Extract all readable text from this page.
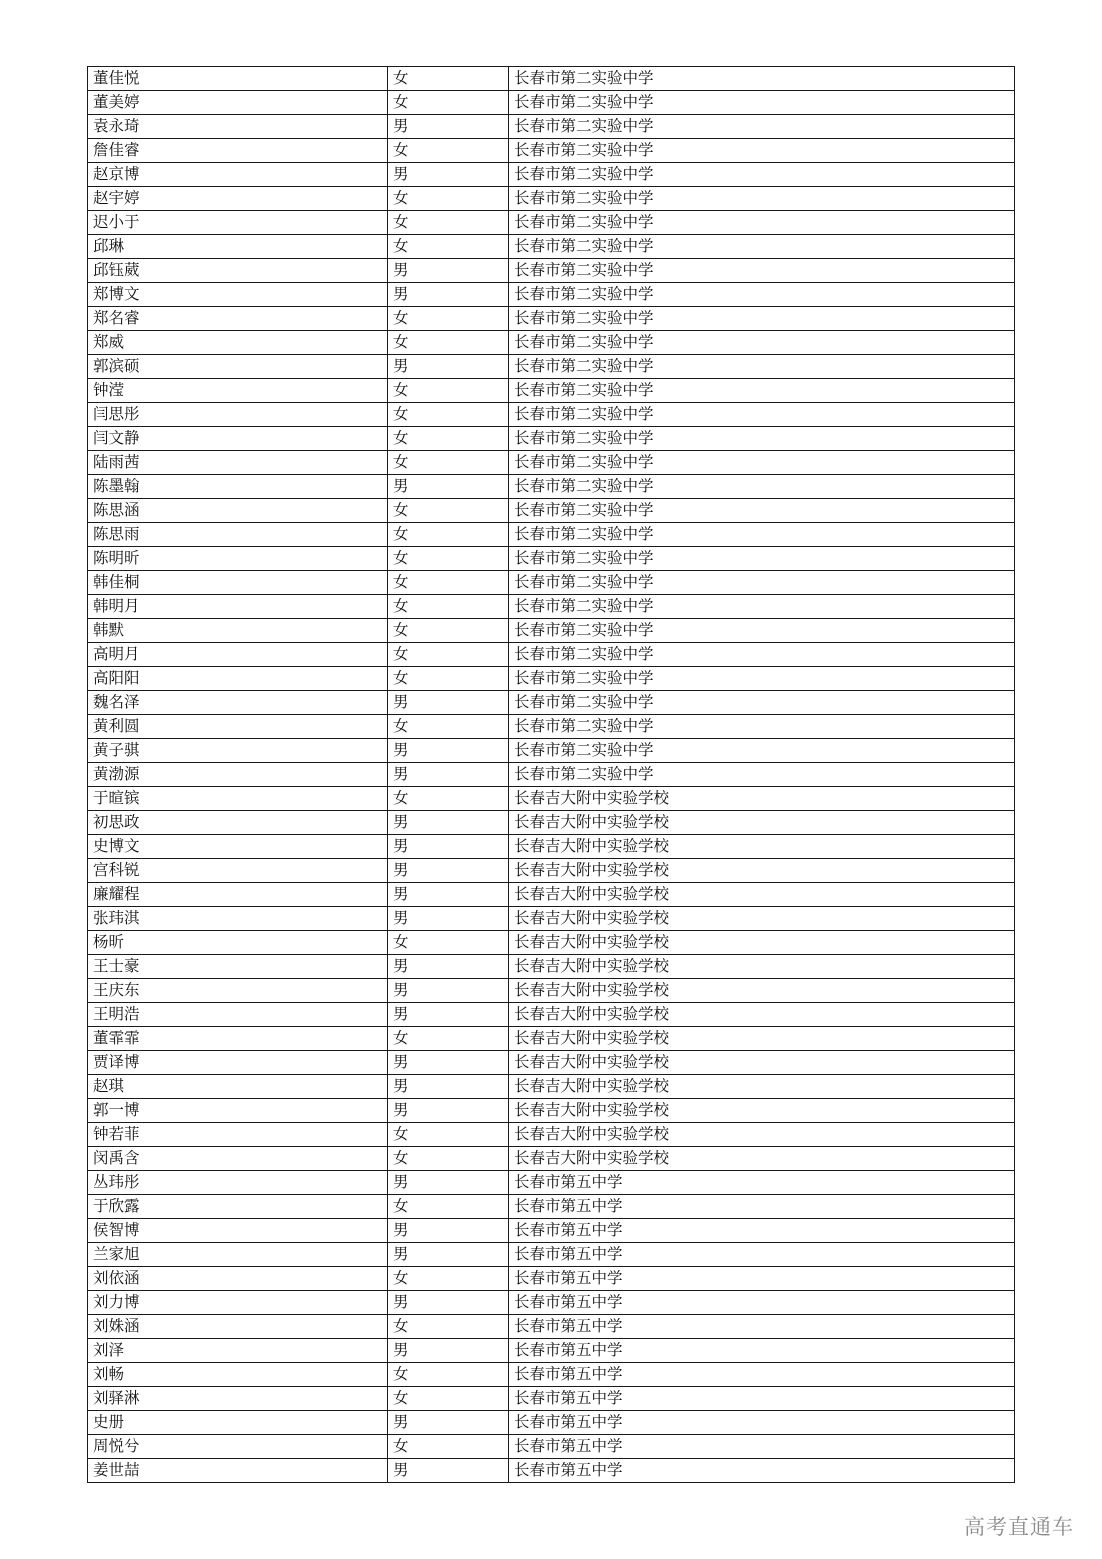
董佳悦	女	长春市第二实验中学
董美婷	女	长春市第二实验中学
袁永琦	男	长春市第二实验中学
詹佳睿	女	长春市第二实验中学
赵京博	男	长春市第二实验中学
赵宇婷	女	长春市第二实验中学
迟小于	女	长春市第二实验中学
邱琳	女	长春市第二实验中学
邱钰葳	男	长春市第二实验中学
郑博文	男	长春市第二实验中学
郑名睿	女	长春市第二实验中学
郑威	女	长春市第二实验中学
郭滨硕	男	长春市第二实验中学
钟滢	女	长春市第二实验中学
闫思彤	女	长春市第二实验中学
闫文静	女	长春市第二实验中学
陆雨茜	女	长春市第二实验中学
陈墨翰	男	长春市第二实验中学
陈思涵	女	长春市第二实验中学
陈思雨	女	长春市第二实验中学
陈明昕	女	长春市第二实验中学
韩佳桐	女	长春市第二实验中学
韩明月	女	长春市第二实验中学
韩默	女	长春市第二实验中学
高明月	女	长春市第二实验中学
高阳阳	女	长春市第二实验中学
魏名泽	男	长春市第二实验中学
黄利圆	女	长春市第二实验中学
黄子骐	男	长春市第二实验中学
黄渤源	男	长春市第二实验中学
于暄镔	女	长春吉大附中实验学校
初思政	男	长春吉大附中实验学校
史博文	男	长春吉大附中实验学校
宫科锐	男	长春吉大附中实验学校
廉耀程	男	长春吉大附中实验学校
张玮淇	男	长春吉大附中实验学校
杨昕	女	长春吉大附中实验学校
王士豪	男	长春吉大附中实验学校
王庆东	男	长春吉大附中实验学校
王明浩	男	长春吉大附中实验学校
董霏霏	女	长春吉大附中实验学校
贾译博	男	长春吉大附中实验学校
赵琪	男	长春吉大附中实验学校
郭一博	男	长春吉大附中实验学校
钟若菲	女	长春吉大附中实验学校
闵禹含	女	长春吉大附中实验学校
丛玮彤	男	长春市第五中学
于欣露	女	长春市第五中学
侯智博	男	长春市第五中学
兰家旭	男	长春市第五中学
刘依涵	女	长春市第五中学
刘力博	男	长春市第五中学
刘姝涵	女	长春市第五中学
刘泽	男	长春市第五中学
刘畅	女	长春市第五中学
刘驿淋	女	长春市第五中学
史册	男	长春市第五中学
周悦兮	女	长春市第五中学
姜世喆	男	长春市第五中学
高考直通车
